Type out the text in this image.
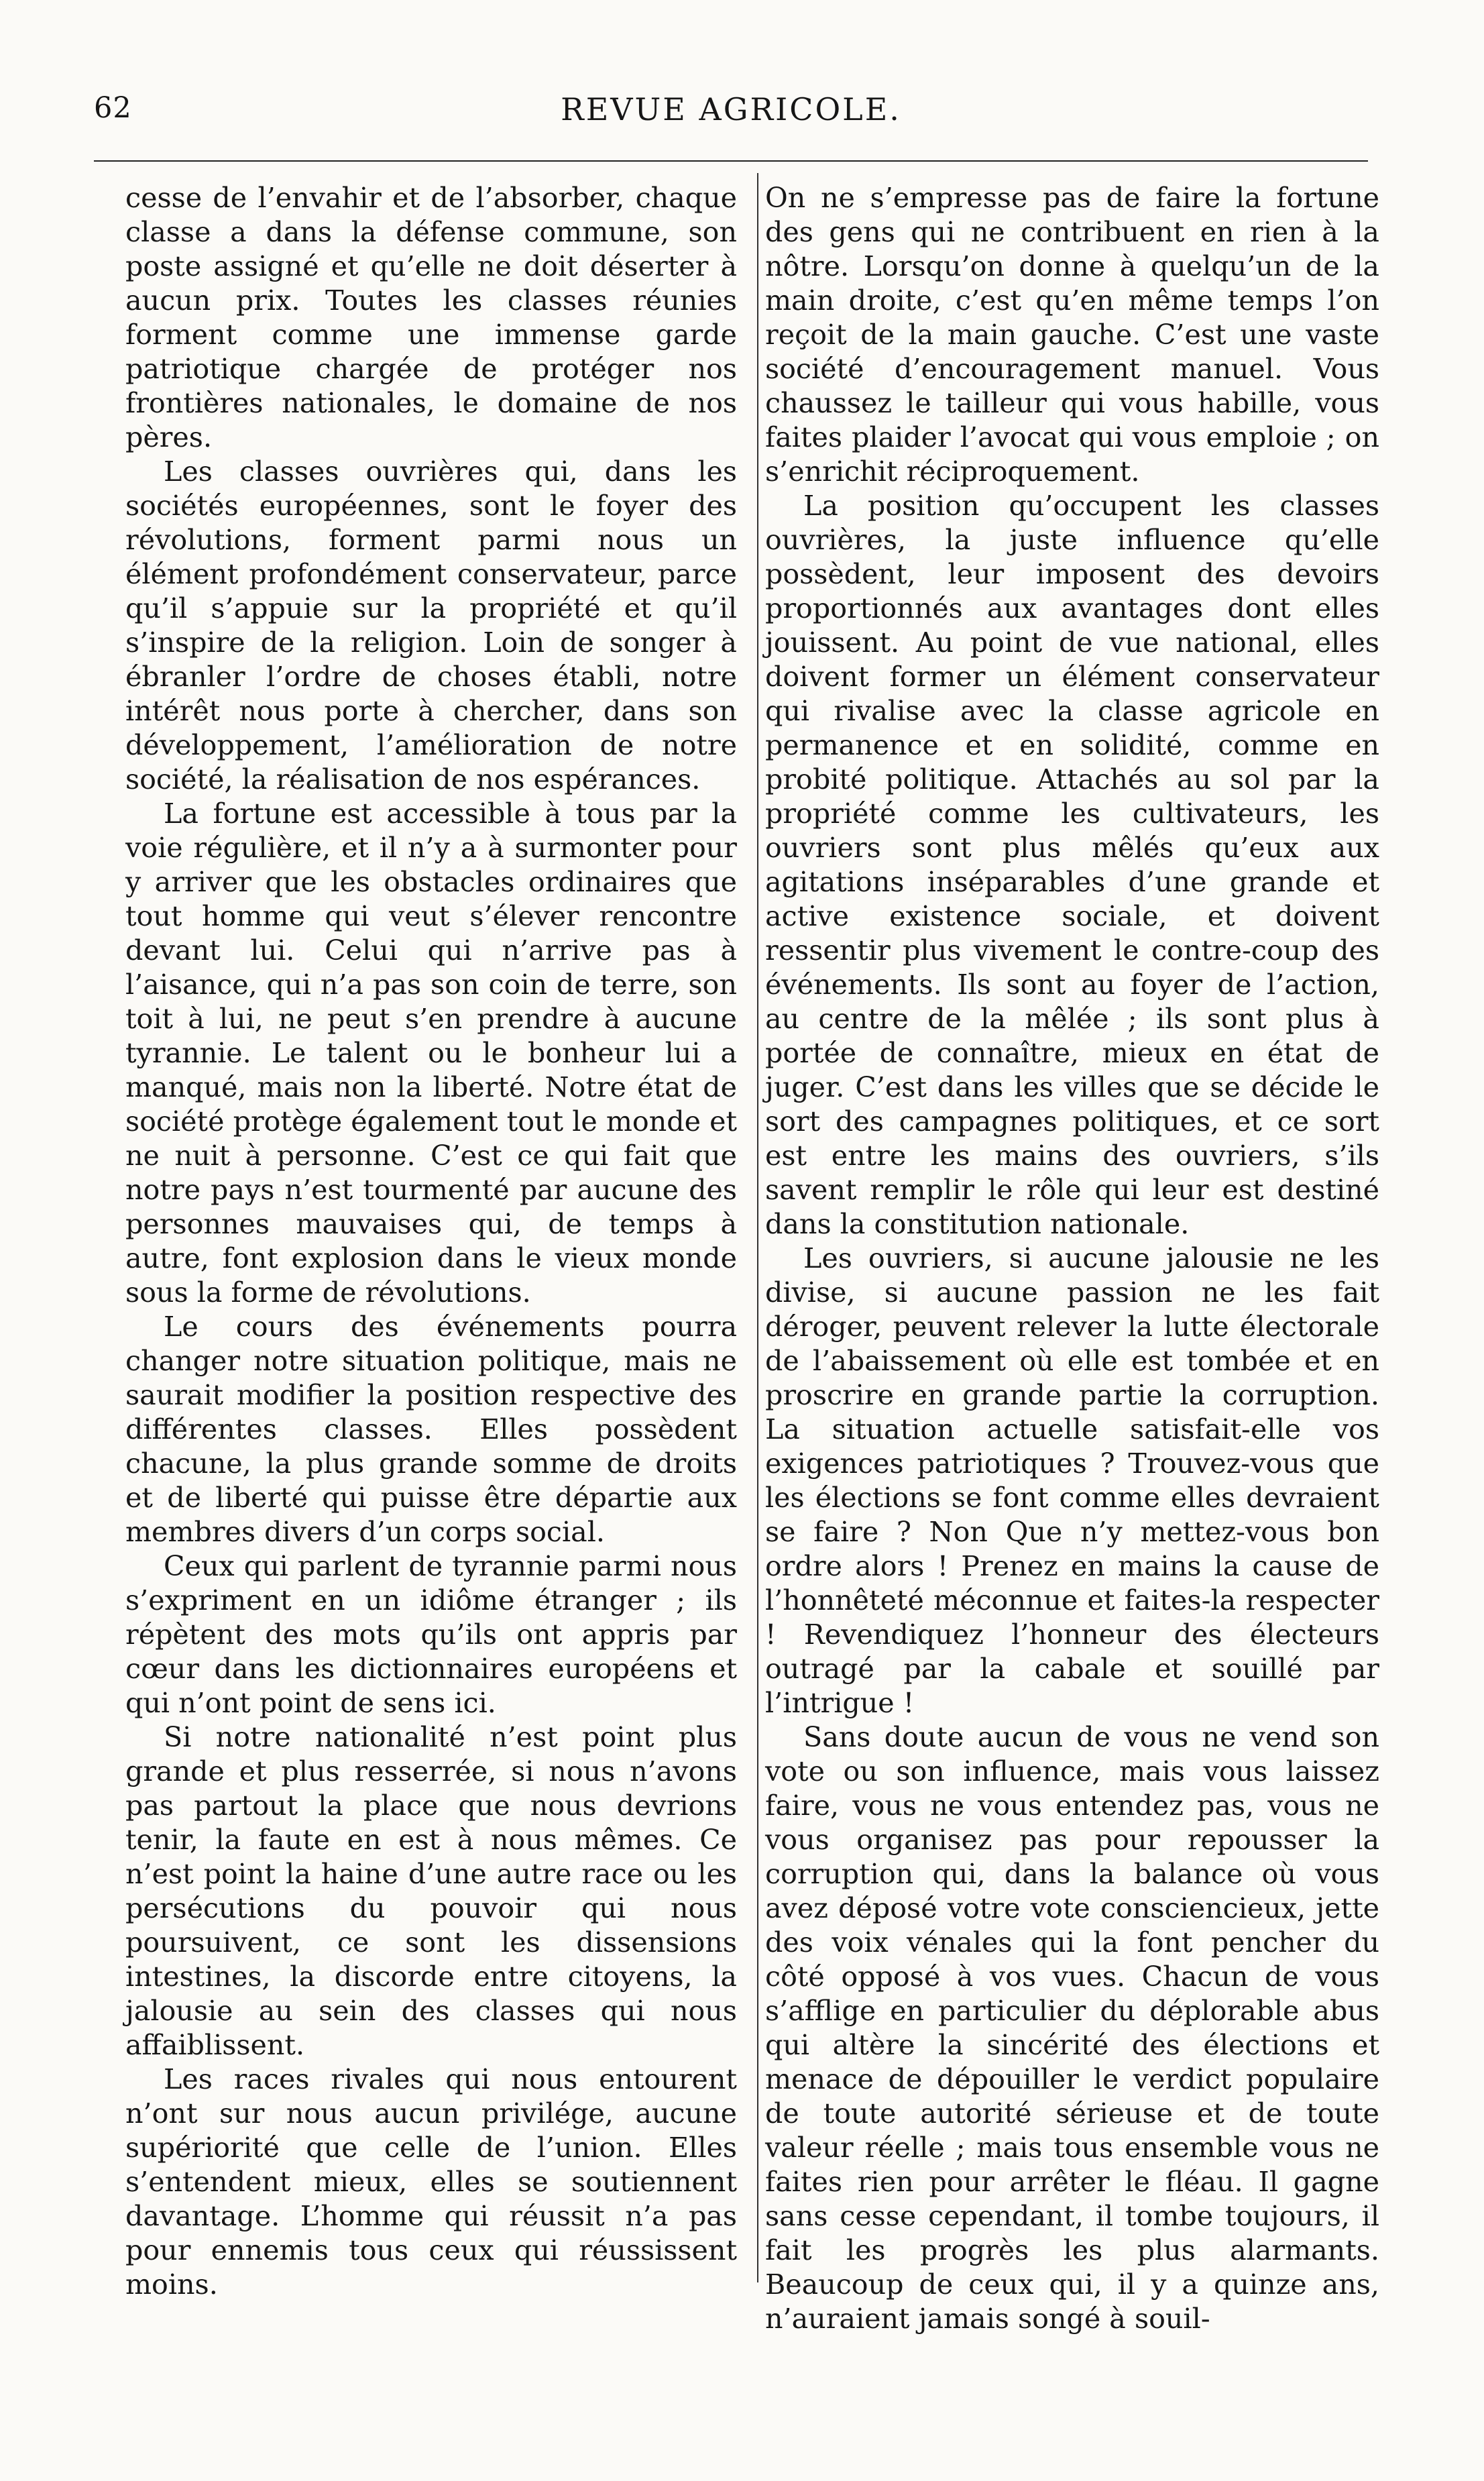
62	REVUE AGRICOLE.

cesse de l’envahir et de l’absorber, chaque classe a dans la défense commune, son poste assigné et qu’elle ne doit déserter à aucun prix. Toutes les classes réunies forment comme une immense garde patriotique chargée de protéger nos frontières nationales, le domaine de nos pères.

Les classes ouvrières qui, dans les sociétés européennes, sont le foyer des révolutions, forment parmi nous un élément profondément conservateur, parce qu’il s’appuie sur la propriété et qu’il s’inspire de la religion. Loin de songer à ébranler l’ordre de choses établi, notre intérêt nous porte à chercher, dans son développement, l’amélioration de notre société, la réalisation de nos espérances.

La fortune est accessible à tous par la voie régulière, et il n’y a à surmonter pour y arriver que les obstacles ordinaires que tout homme qui veut s’élever rencontre devant lui. Celui qui n’arrive pas à l’aisance, qui n’a pas son coin de terre, son toit à lui, ne peut s’en prendre à aucune tyrannie. Le talent ou le bonheur lui a manqué, mais non la liberté. Notre état de société protège également tout le monde et ne nuit à personne. C’est ce qui fait que notre pays n’est tourmenté par aucune des personnes mauvaises qui, de temps à autre, font explosion dans le vieux monde sous la forme de révolutions.

Le cours des événements pourra changer notre situation politique, mais ne saurait modifier la position respective des différentes classes. Elles possèdent chacune, la plus grande somme de droits et de liberté qui puisse être départie aux membres divers d’un corps social.

Ceux qui parlent de tyrannie parmi nous s’expriment en un idiôme étranger ; ils répètent des mots qu’ils ont appris par cœur dans les dictionnaires européens et qui n’ont point de sens ici.

Si notre nationalité n’est point plus grande et plus resserrée, si nous n’avons pas partout la place que nous devrions tenir, la faute en est à nous mêmes. Ce n’est point la haine d’une autre race ou les persécutions du pouvoir qui nous poursuivent, ce sont les dissensions intestines, la discorde entre citoyens, la jalousie au sein des classes qui nous affaiblissent.

Les races rivales qui nous entourent n’ont sur nous aucun privilége, aucune supériorité que celle de l’union. Elles s’entendent mieux, elles se soutiennent davantage. L’homme qui réussit n’a pas pour ennemis tous ceux qui réussissent moins.

On ne s’empresse pas de faire la fortune des gens qui ne contribuent en rien à la nôtre. Lorsqu’on donne à quelqu’un de la main droite, c’est qu’en même temps l’on reçoit de la main gauche. C’est une vaste société d’encouragement manuel. Vous chaussez le tailleur qui vous habille, vous faites plaider l’avocat qui vous emploie ; on s’enrichit réciproquement.

La position qu’occupent les classes ouvrières, la juste influence qu’elle possèdent, leur imposent des devoirs proportionnés aux avantages dont elles jouissent. Au point de vue national, elles doivent former un élément conservateur qui rivalise avec la classe agricole en permanence et en solidité, comme en probité politique. Attachés au sol par la propriété comme les cultivateurs, les ouvriers sont plus mêlés qu’eux aux agitations inséparables d’une grande et active existence sociale, et doivent ressentir plus vivement le contre-coup des événements. Ils sont au foyer de l’action, au centre de la mêlée ; ils sont plus à portée de connaître, mieux en état de juger. C’est dans les villes que se décide le sort des campagnes politiques, et ce sort est entre les mains des ouvriers, s’ils savent remplir le rôle qui leur est destiné dans la constitution nationale.

Les ouvriers, si aucune jalousie ne les divise, si aucune passion ne les fait déroger, peuvent relever la lutte électorale de l’abaissement où elle est tombée et en proscrire en grande partie la corruption. La situation actuelle satisfait-elle vos exigences patriotiques ? Trouvez-vous que les élections se font comme elles devraient se faire ? Non Que n’y mettez-vous bon ordre alors ! Prenez en mains la cause de l’honnêteté méconnue et faites-la respecter ! Revendiquez l’honneur des électeurs outragé par la cabale et souillé par l’intrigue !

Sans doute aucun de vous ne vend son vote ou son influence, mais vous laissez faire, vous ne vous entendez pas, vous ne vous organisez pas pour repousser la corruption qui, dans la balance où vous avez déposé votre vote consciencieux, jette des voix vénales qui la font pencher du côté opposé à vos vues. Chacun de vous s’afflige en particulier du déplorable abus qui altère la sincérité des élections et menace de dépouiller le verdict populaire de toute autorité sérieuse et de toute valeur réelle ; mais tous ensemble vous ne faites rien pour arrêter le fléau. Il gagne sans cesse cependant, il tombe toujours, il fait les progrès les plus alarmants. Beaucoup de ceux qui, il y a quinze ans, n’auraient jamais songé à souil-
